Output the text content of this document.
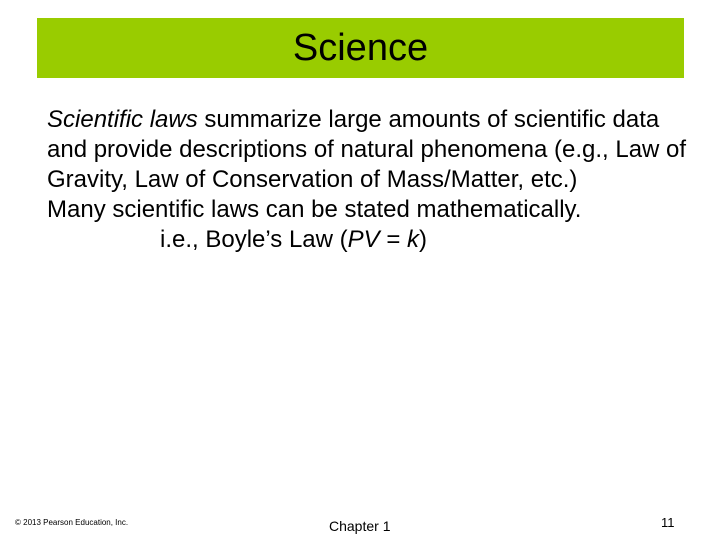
Science

Scientific laws summarize large amounts of scientific data and provide descriptions of natural phenomena (e.g., Law of Gravity, Law of Conservation of Mass/Matter, etc.)

Many scientific laws can be stated mathematically.

i.e., Boyle’s Law (PV = k)

© 2013 Pearson Education, Inc.	Chapter 1	11
